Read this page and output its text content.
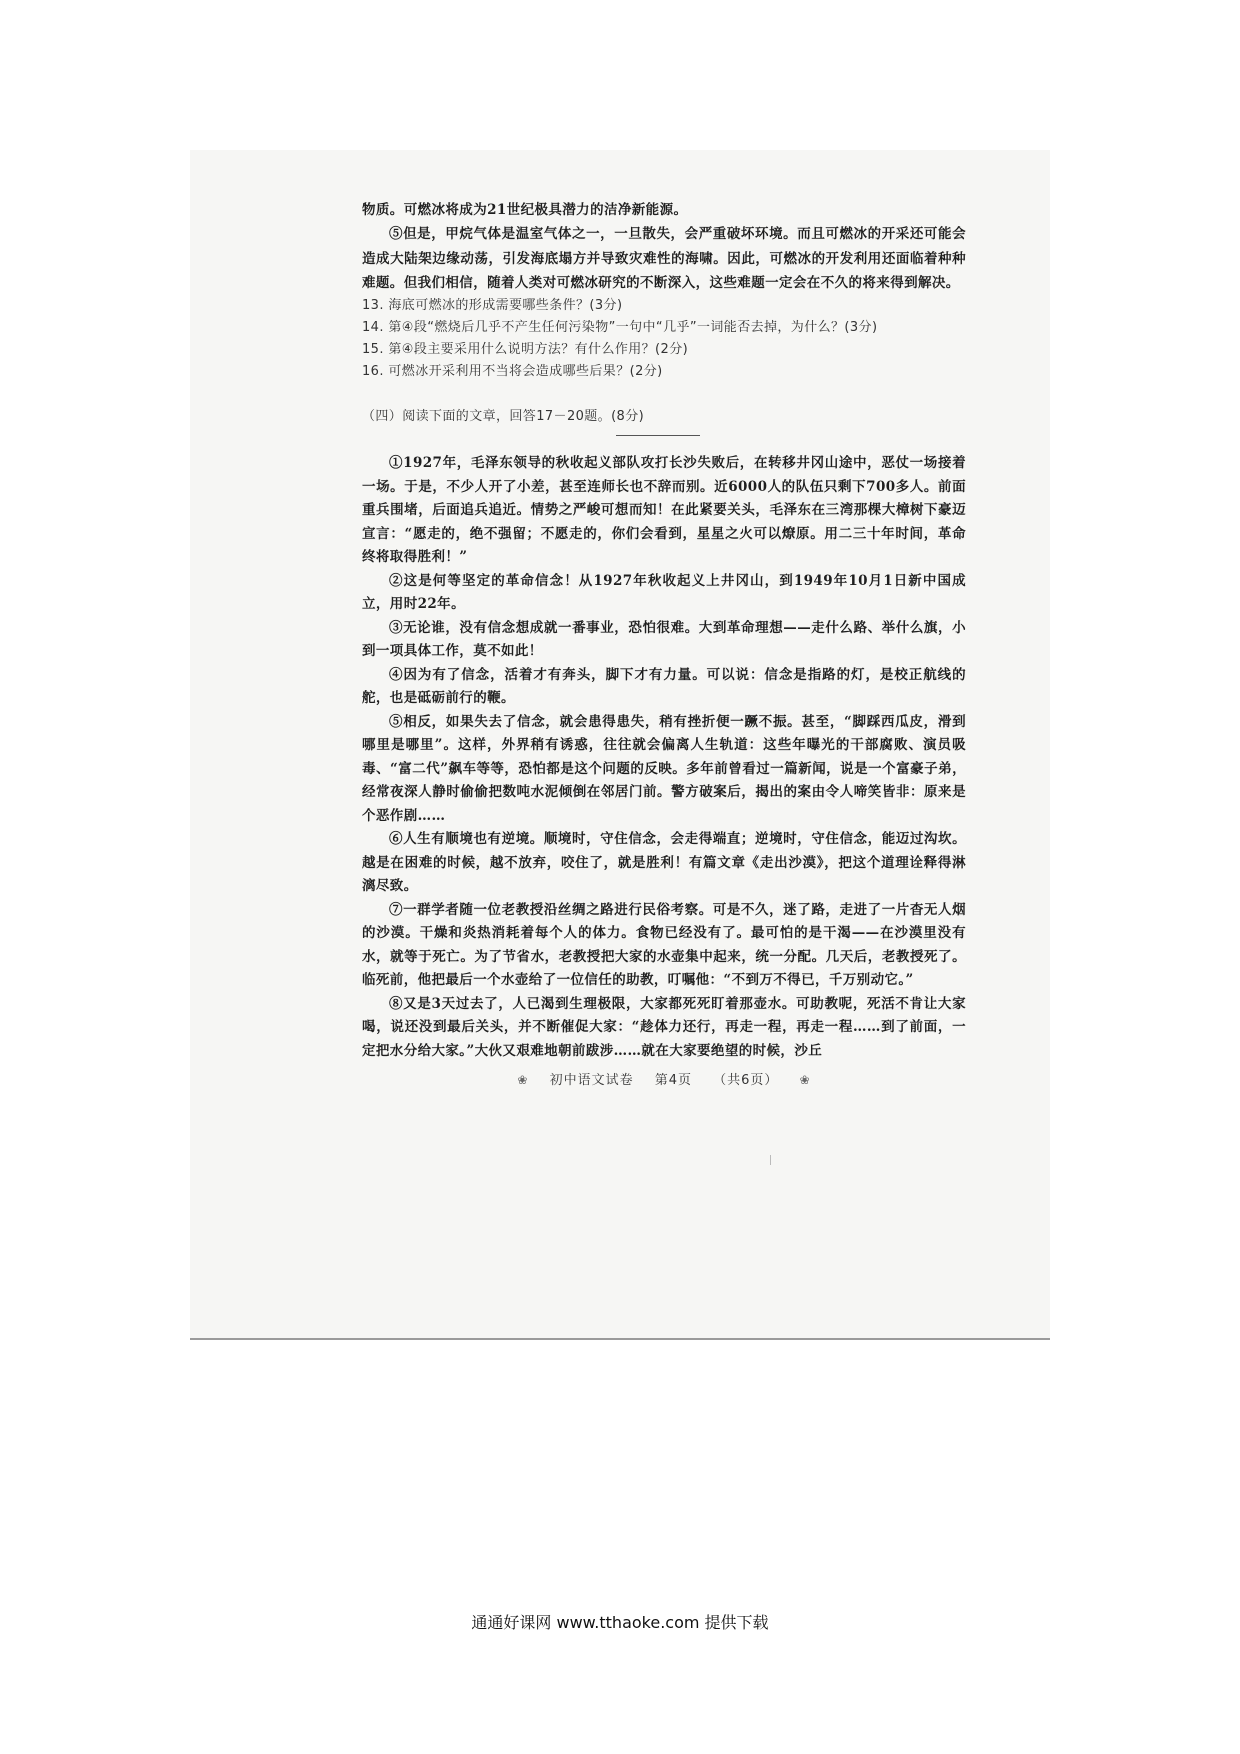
物质。可燃冰将成为21世纪极具潜力的洁净新能源。

⑤但是，甲烷气体是温室气体之一，一旦散失，会严重破坏环境。而且可燃冰的开采还可能会造成大陆架边缘动荡，引发海底塌方并导致灾难性的海啸。因此，可燃冰的开发利用还面临着种种难题。但我们相信，随着人类对可燃冰研究的不断深入，这些难题一定会在不久的将来得到解决。

13. 海底可燃冰的形成需要哪些条件？(3分)

14. 第④段“燃烧后几乎不产生任何污染物”一句中“几乎”一词能否去掉，为什么？(3分)

15. 第④段主要采用什么说明方法？有什么作用？(2分)

16. 可燃冰开采利用不当将会造成哪些后果？(2分)

（四）阅读下面的文章，回答17－20题。(8分)

①1927年，毛泽东领导的秋收起义部队攻打长沙失败后，在转移井冈山途中，恶仗一场接着一场。于是，不少人开了小差，甚至连师长也不辞而别。近6000人的队伍只剩下700多人。前面重兵围堵，后面追兵追近。情势之严峻可想而知！在此紧要关头，毛泽东在三湾那棵大樟树下豪迈宣言：“愿走的，绝不强留；不愿走的，你们会看到，星星之火可以燎原。用二三十年时间，革命终将取得胜利！”

②这是何等坚定的革命信念！从1927年秋收起义上井冈山，到1949年10月1日新中国成立，用时22年。

③无论谁，没有信念想成就一番事业，恐怕很难。大到革命理想——走什么路、举什么旗，小到一项具体工作，莫不如此！

④因为有了信念，活着才有奔头，脚下才有力量。可以说：信念是指路的灯，是校正航线的舵，也是砥砺前行的鞭。

⑤相反，如果失去了信念，就会患得患失，稍有挫折便一蹶不振。甚至，“脚踩西瓜皮，滑到哪里是哪里”。这样，外界稍有诱惑，往往就会偏离人生轨道：这些年曝光的干部腐败、演员吸毒、“富二代”飙车等等，恐怕都是这个问题的反映。多年前曾看过一篇新闻，说是一个富豪子弟，经常夜深人静时偷偷把数吨水泥倾倒在邻居门前。警方破案后，揭出的案由令人啼笑皆非：原来是个恶作剧……

⑥人生有顺境也有逆境。顺境时，守住信念，会走得端直；逆境时，守住信念，能迈过沟坎。越是在困难的时候，越不放弃，咬住了，就是胜利！有篇文章《走出沙漠》，把这个道理诠释得淋漓尽致。

⑦一群学者随一位老教授沿丝绸之路进行民俗考察。可是不久，迷了路，走进了一片杳无人烟的沙漠。干燥和炎热消耗着每个人的体力。食物已经没有了。最可怕的是干渴——在沙漠里没有水，就等于死亡。为了节省水，老教授把大家的水壶集中起来，统一分配。几天后，老教授死了。临死前，他把最后一个水壶给了一位信任的助教，叮嘱他：“不到万不得已，千万别动它。”

⑧又是3天过去了，人已渴到生理极限，大家都死死盯着那壶水。可助教呢，死活不肯让大家喝，说还没到最后关头，并不断催促大家：“趁体力还行，再走一程，再走一程……到了前面，一定把水分给大家。”大伙又艰难地朝前跋涉……就在大家要绝望的时候，沙丘

❀ 初中语文试卷 第4页 （共6页） ❀
通通好课网 www.tthaoke.com 提供下载
